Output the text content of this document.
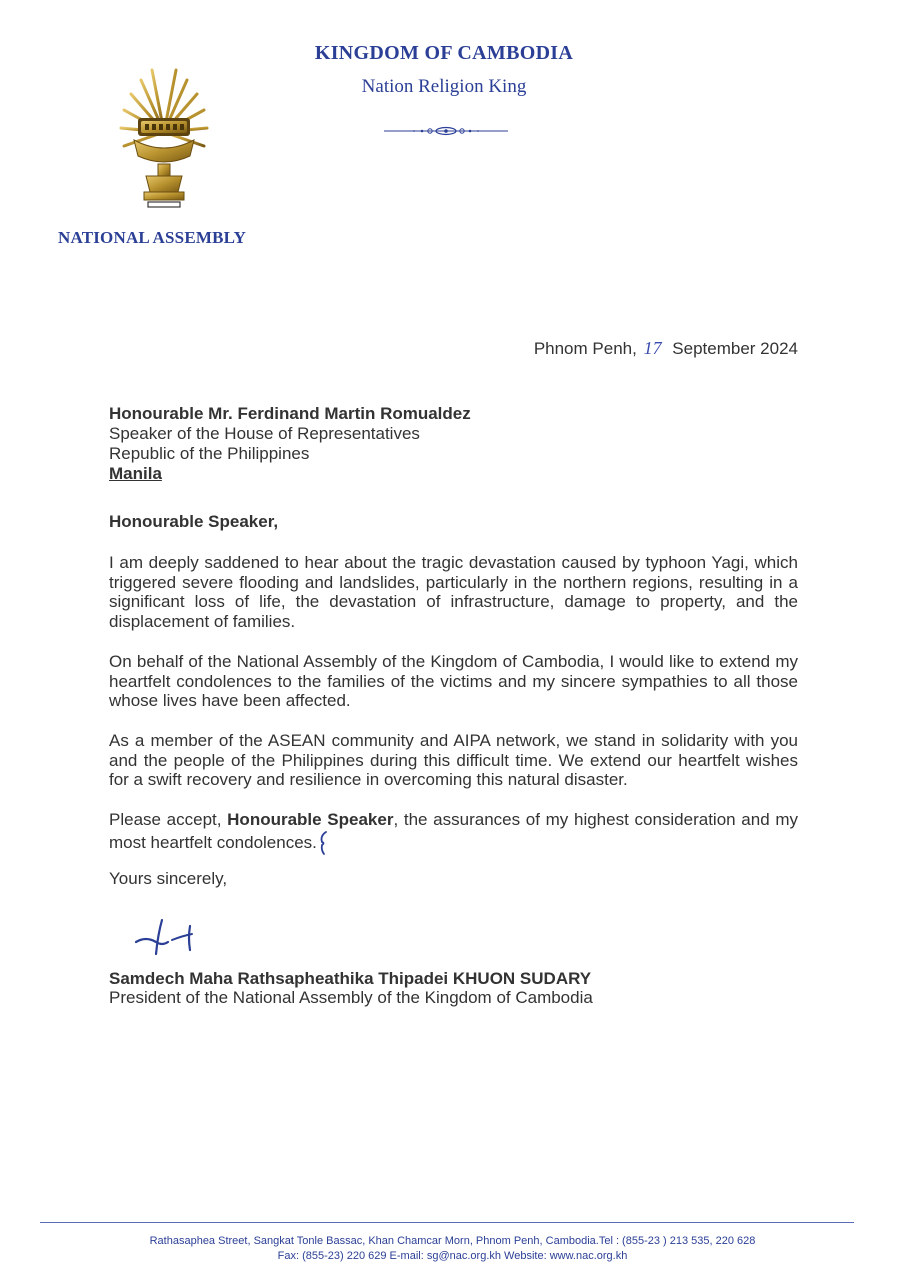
KINGDOM OF CAMBODIA
Nation Religion King
NATIONAL ASSEMBLY
Phnom Penh, 17 September 2024
Honourable Mr. Ferdinand Martin Romualdez
Speaker of the House of Representatives
Republic of the Philippines
Manila
Honourable Speaker,

I am deeply saddened to hear about the tragic devastation caused by typhoon Yagi, which triggered severe flooding and landslides, particularly in the northern regions, resulting in a significant loss of life, the devastation of infrastructure, damage to property, and the displacement of families.

On behalf of the National Assembly of the Kingdom of Cambodia, I would like to extend my heartfelt condolences to the families of the victims and my sincere sympathies to all those whose lives have been affected.

As a member of the ASEAN community and AIPA network, we stand in solidarity with you and the people of the Philippines during this difficult time. We extend our heartfelt wishes for a swift recovery and resilience in overcoming this natural disaster.

Please accept, Honourable Speaker, the assurances of my highest consideration and my most heartfelt condolences.

Yours sincerely,
Samdech Maha Rathsapheathika Thipadei KHUON SUDARY
President of the National Assembly of the Kingdom of Cambodia
Rathasaphea Street, Sangkat Tonle Bassac, Khan Chamcar Morn, Phnom Penh, Cambodia.Tel : (855-23 ) 213 535, 220 628
Fax: (855-23) 220 629 E-mail: sg@nac.org.kh Website: www.nac.org.kh
